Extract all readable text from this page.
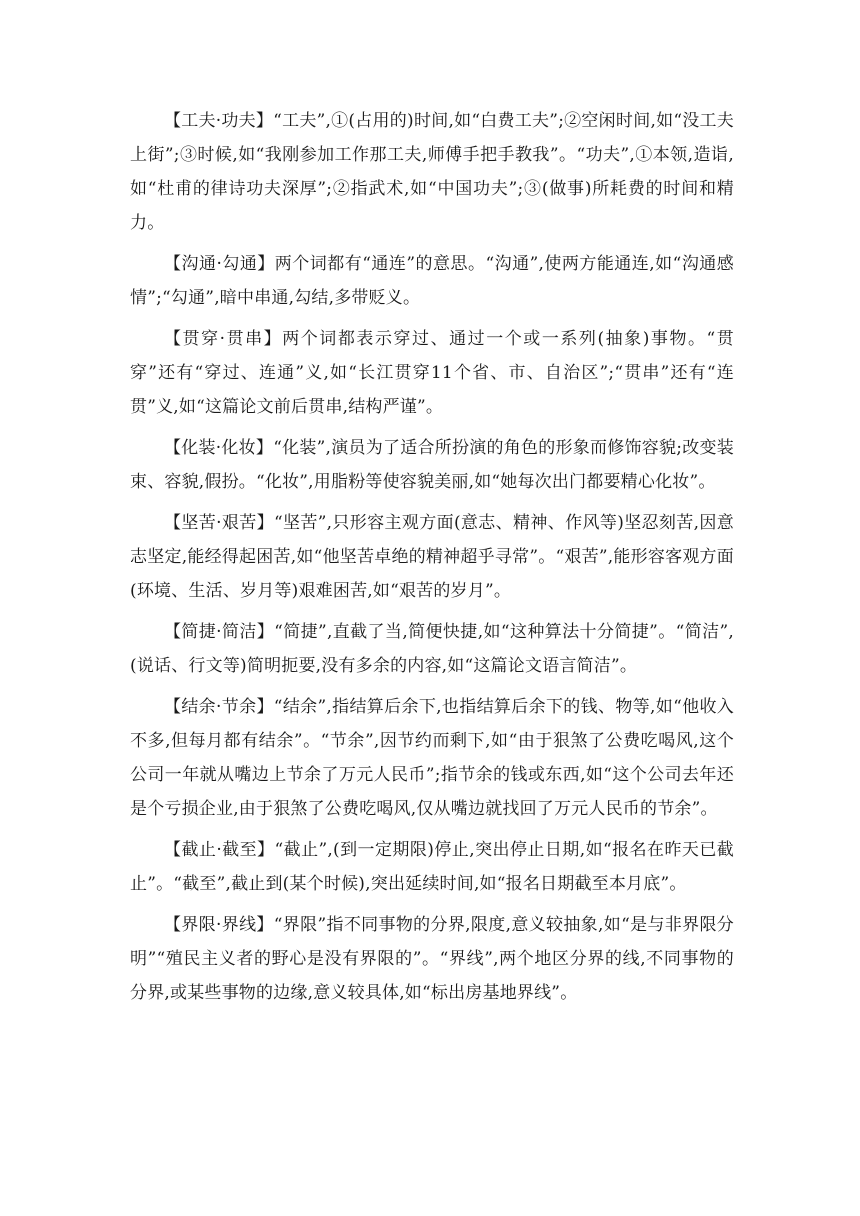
【工夫·功夫】“工夫”,①(占用的)时间,如“白费工夫”;②空闲时间,如“没工夫上街”;③时候,如“我刚参加工作那工夫,师傅手把手教我”。“功夫”,①本领,造诣,如“杜甫的律诗功夫深厚”;②指武术,如“中国功夫”;③(做事)所耗费的时间和精力。

【沟通·勾通】两个词都有“通连”的意思。“沟通”,使两方能通连,如“沟通感情”;“勾通”,暗中串通,勾结,多带贬义。

【贯穿·贯串】两个词都表示穿过、通过一个或一系列(抽象)事物。“贯穿”还有“穿过、连通”义,如“长江贯穿11个省、市、自治区”;“贯串”还有“连贯”义,如“这篇论文前后贯串,结构严谨”。

【化装·化妆】“化装”,演员为了适合所扮演的角色的形象而修饰容貌;改变装束、容貌,假扮。“化妆”,用脂粉等使容貌美丽,如“她每次出门都要精心化妆”。

【坚苦·艰苦】“坚苦”,只形容主观方面(意志、精神、作风等)坚忍刻苦,因意志坚定,能经得起困苦,如“他坚苦卓绝的精神超乎寻常”。“艰苦”,能形容客观方面(环境、生活、岁月等)艰难困苦,如“艰苦的岁月”。

【简捷·简洁】“简捷”,直截了当,简便快捷,如“这种算法十分简捷”。“简洁”,(说话、行文等)简明扼要,没有多余的内容,如“这篇论文语言简洁”。

【结余·节余】“结余”,指结算后余下,也指结算后余下的钱、物等,如“他收入不多,但每月都有结余”。“节余”,因节约而剩下,如“由于狠煞了公费吃喝风,这个公司一年就从嘴边上节余了万元人民币”;指节余的钱或东西,如“这个公司去年还是个亏损企业,由于狠煞了公费吃喝风,仅从嘴边就找回了万元人民币的节余”。

【截止·截至】“截止”,(到一定期限)停止,突出停止日期,如“报名在昨天已截止”。“截至”,截止到(某个时候),突出延续时间,如“报名日期截至本月底”。

【界限·界线】“界限”指不同事物的分界,限度,意义较抽象,如“是与非界限分明”“殖民主义者的野心是没有界限的”。“界线”,两个地区分界的线,不同事物的分界,或某些事物的边缘,意义较具体,如“标出房基地界线”。
